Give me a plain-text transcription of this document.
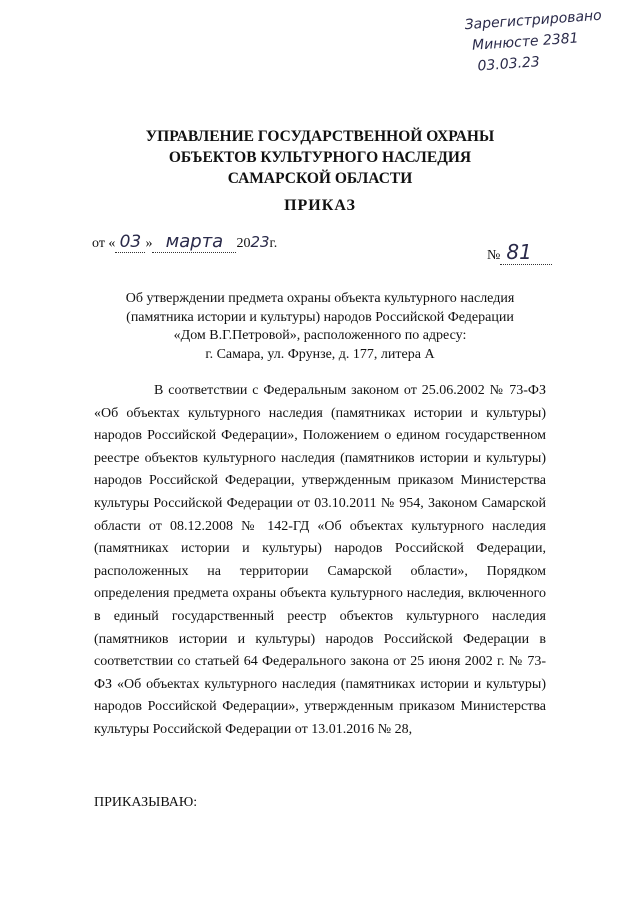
Зарегистрировано
Минюсте 2381
03.03.23
УПРАВЛЕНИЕ ГОСУДАРСТВЕННОЙ ОХРАНЫ
ОБЪЕКТОВ КУЛЬТУРНОГО НАСЛЕДИЯ
САМАРСКОЙ ОБЛАСТИ
ПРИКАЗ
от « 03 » марта 2023г.
№ 81
Об утверждении предмета охраны объекта культурного наследия
(памятника истории и культуры) народов Российской Федерации
«Дом В.Г.Петровой», расположенного по адресу:
г. Самара, ул. Фрунзе, д. 177, литера А
В соответствии с Федеральным законом от 25.06.2002 № 73-ФЗ «Об объектах культурного наследия (памятниках истории и культуры) народов Российской Федерации», Положением о едином государственном реестре объектов культурного наследия (памятников истории и культуры) народов Российской Федерации, утвержденным приказом Министерства культуры Российской Федерации от 03.10.2011 № 954, Законом Самарской области от 08.12.2008 № 142-ГД «Об объектах культурного наследия (памятниках истории и культуры) народов Российской Федерации, расположенных на территории Самарской области», Порядком определения предмета охраны объекта культурного наследия, включенного в единый государственный реестр объектов культурного наследия (памятников истории и культуры) народов Российской Федерации в соответствии со статьей 64 Федерального закона от 25 июня 2002 г. № 73-ФЗ «Об объектах культурного наследия (памятниках истории и культуры) народов Российской Федерации», утвержденным приказом Министерства культуры Российской Федерации от 13.01.2016 № 28,
ПРИКАЗЫВАЮ:
